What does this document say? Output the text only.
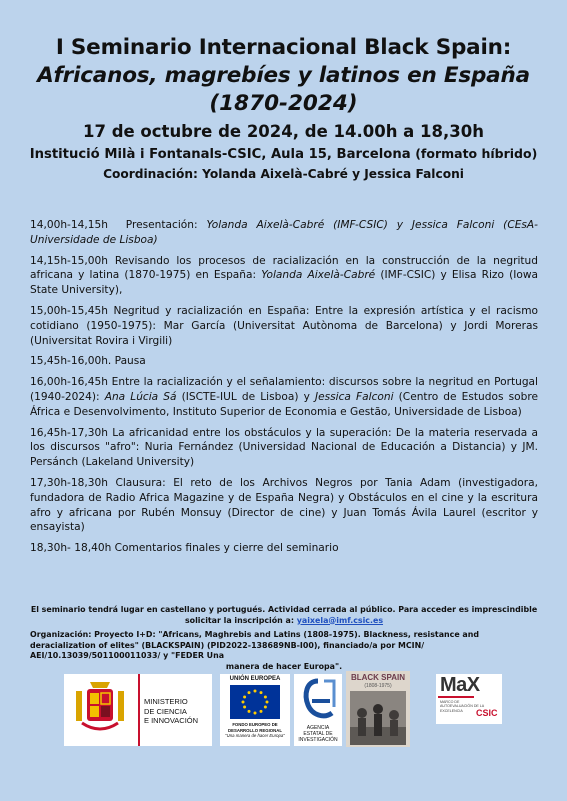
I Seminario Internacional Black Spain:
Africanos, magrebíes y latinos en España
(1870-2024)
17 de octubre de 2024, de 14.00h a 18,30h
Institució Milà i Fontanals-CSIC, Aula 15, Barcelona (formato híbrido)
Coordinación: Yolanda Aixelà-Cabré y Jessica Falconi

14,00h-14,15h Presentación: Yolanda Aixelà-Cabré (IMF-CSIC) y Jessica Falconi (CEsA-Universidade de Lisboa)

14,15h-15,00h Revisando los procesos de racialización en la construcción de la negritud africana y latina (1870-1975) en España: Yolanda Aixelà-Cabré (IMF-CSIC) y Elisa Rizo (Iowa State University),

15,00h-15,45h Negritud y racialización en España: Entre la expresión artística y el racismo cotidiano (1950-1975): Mar García (Universitat Autònoma de Barcelona) y Jordi Moreras (Universitat Rovira i Virgili)

15,45h-16,00h. Pausa

16,00h-16,45h Entre la racialización y el señalamiento: discursos sobre la negritud en Portugal (1940-2024): Ana Lúcia Sá (ISCTE-IUL de Lisboa) y Jessica Falconi (Centro de Estudos sobre África e Desenvolvimento, Instituto Superior de Economia e Gestão, Universidade de Lisboa)

16,45h-17,30h La africanidad entre los obstáculos y la superación: De la materia reservada a los discursos "afro": Nuria Fernández (Universidad Nacional de Educación a Distancia) y JM. Persánch (Lakeland University)

17,30h-18,30h Clausura: El reto de los Archivos Negros por Tania Adam (investigadora, fundadora de Radio Africa Magazine y de España Negra) y Obstáculos en el cine y la escritura afro y africana por Rubén Monsuy (Director de cine) y Juan Tomás Ávila Laurel (escritor y ensayista)

18,30h- 18,40h Comentarios finales y cierre del seminario

El seminario tendrá lugar en castellano y portugués. Actividad cerrada al público. Para acceder es imprescindible solicitar la inscripción a: yaixela@imf.csic.es
Organización: Proyecto I+D: "Africans, Maghrebis and Latins (1808-1975). Blackness, resistance and deracialization of elites" (BLACKSPAIN) (PID2022-138689NB-I00), financiado/a por MCIN/ AEI/10.13039/501100011033/ y "FEDER Una
manera de hacer Europa".
MINISTERIO
DE CIENCIA
E INNOVACIÓN
UNIÓN EUROPEA
FONDO EUROPEO DE
DESARROLLO REGIONAL
"Una manera de hacer Europa"
AGENCIA
ESTATAL DE
INVESTIGACIÓN
BLACK SPAIN
(1808-1975)	MaX
MARCO DE
AUTOEVALUACIÓN DE LA
EXCELENCIA	CSIC
